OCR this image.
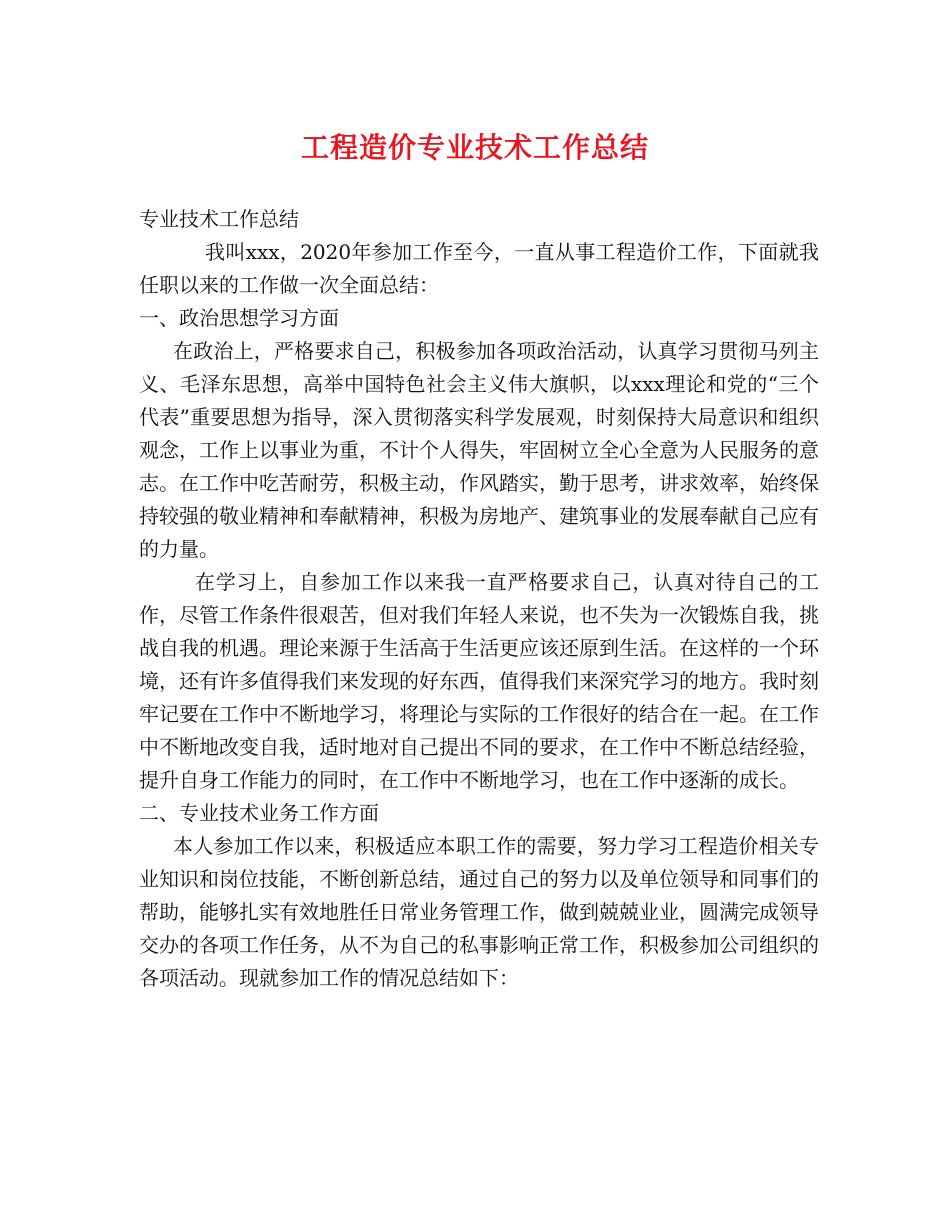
工程造价专业技术工作总结

专业技术工作总结

我叫xxx，2020年参加工作至今，一直从事工程造价工作，下面就我任职以来的工作做一次全面总结：

一、政治思想学习方面

在政治上，严格要求自己，积极参加各项政治活动，认真学习贯彻马列主义、毛泽东思想，高举中国特色社会主义伟大旗帜，以xxx理论和党的“三个代表”重要思想为指导，深入贯彻落实科学发展观，时刻保持大局意识和组织观念，工作上以事业为重，不计个人得失，牢固树立全心全意为人民服务的意志。在工作中吃苦耐劳，积极主动，作风踏实，勤于思考，讲求效率，始终保持较强的敬业精神和奉献精神，积极为房地产、建筑事业的发展奉献自己应有的力量。

在学习上，自参加工作以来我一直严格要求自己，认真对待自己的工作，尽管工作条件很艰苦，但对我们年轻人来说，也不失为一次锻炼自我，挑战自我的机遇。理论来源于生活高于生活更应该还原到生活。在这样的一个环境，还有许多值得我们来发现的好东西，值得我们来深究学习的地方。我时刻牢记要在工作中不断地学习，将理论与实际的工作很好的结合在一起。在工作中不断地改变自我，适时地对自己提出不同的要求，在工作中不断总结经验，提升自身工作能力的同时，在工作中不断地学习，也在工作中逐渐的成长。

二、专业技术业务工作方面

本人参加工作以来，积极适应本职工作的需要，努力学习工程造价相关专业知识和岗位技能，不断创新总结，通过自己的努力以及单位领导和同事们的帮助，能够扎实有效地胜任日常业务管理工作，做到兢兢业业，圆满完成领导交办的各项工作任务，从不为自己的私事影响正常工作，积极参加公司组织的各项活动。现就参加工作的情况总结如下：
